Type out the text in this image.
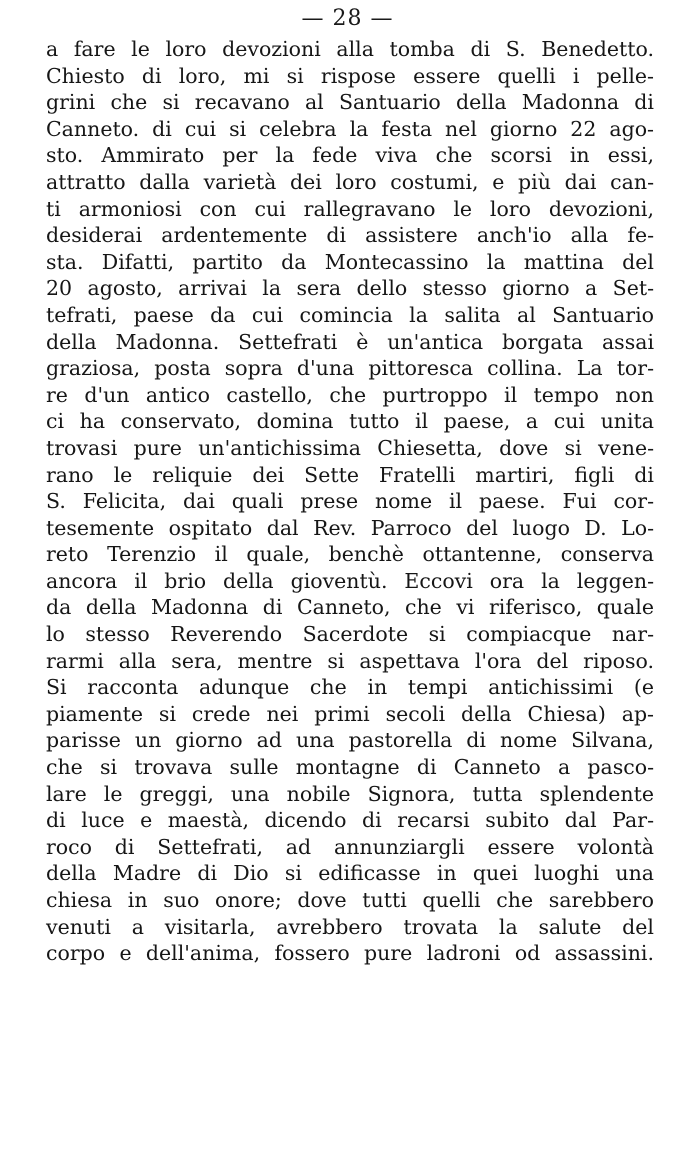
— 28 —
a fare le loro devozioni alla tomba di S. Benedetto.
Chiesto di loro, mi si rispose essere quelli i pelle-
grini che si recavano al Santuario della Madonna di
Canneto. di cui si celebra la festa nel giorno 22 ago-
sto. Ammirato per la fede viva che scorsi in essi,
attratto dalla varietà dei loro costumi, e più dai can-
ti armoniosi con cui rallegravano le loro devozioni,
desiderai ardentemente di assistere anch'io alla fe-
sta. Difatti, partito da Montecassino la mattina del
20 agosto, arrivai la sera dello stesso giorno a Set-
tefrati, paese da cui comincia la salita al Santuario
della Madonna. Settefrati è un'antica borgata assai
graziosa, posta sopra d'una pittoresca collina. La tor-
re d'un antico castello, che purtroppo il tempo non
ci ha conservato, domina tutto il paese, a cui unita
trovasi pure un'antichissima Chiesetta, dove si vene-
rano le reliquie dei Sette Fratelli martiri, figli di
S. Felicita, dai quali prese nome il paese. Fui cor-
tesemente ospitato dal Rev. Parroco del luogo D. Lo-
reto Terenzio il quale, benchè ottantenne, conserva
ancora il brio della gioventù. Eccovi ora la leggen-
da della Madonna di Canneto, che vi riferisco, quale
lo stesso Reverendo Sacerdote si compiacque nar-
rarmi alla sera, mentre si aspettava l'ora del riposo.
Si racconta adunque che in tempi antichissimi (e
piamente si crede nei primi secoli della Chiesa) ap-
parisse un giorno ad una pastorella di nome Silvana,
che si trovava sulle montagne di Canneto a pasco-
lare le greggi, una nobile Signora, tutta splendente
di luce e maestà, dicendo di recarsi subito dal Par-
roco di Settefrati, ad annunziargli essere volontà
della Madre di Dio si edificasse in quei luoghi una
chiesa in suo onore; dove tutti quelli che sarebbero
venuti a visitarla, avrebbero trovata la salute del
corpo e dell'anima, fossero pure ladroni od assassini.
